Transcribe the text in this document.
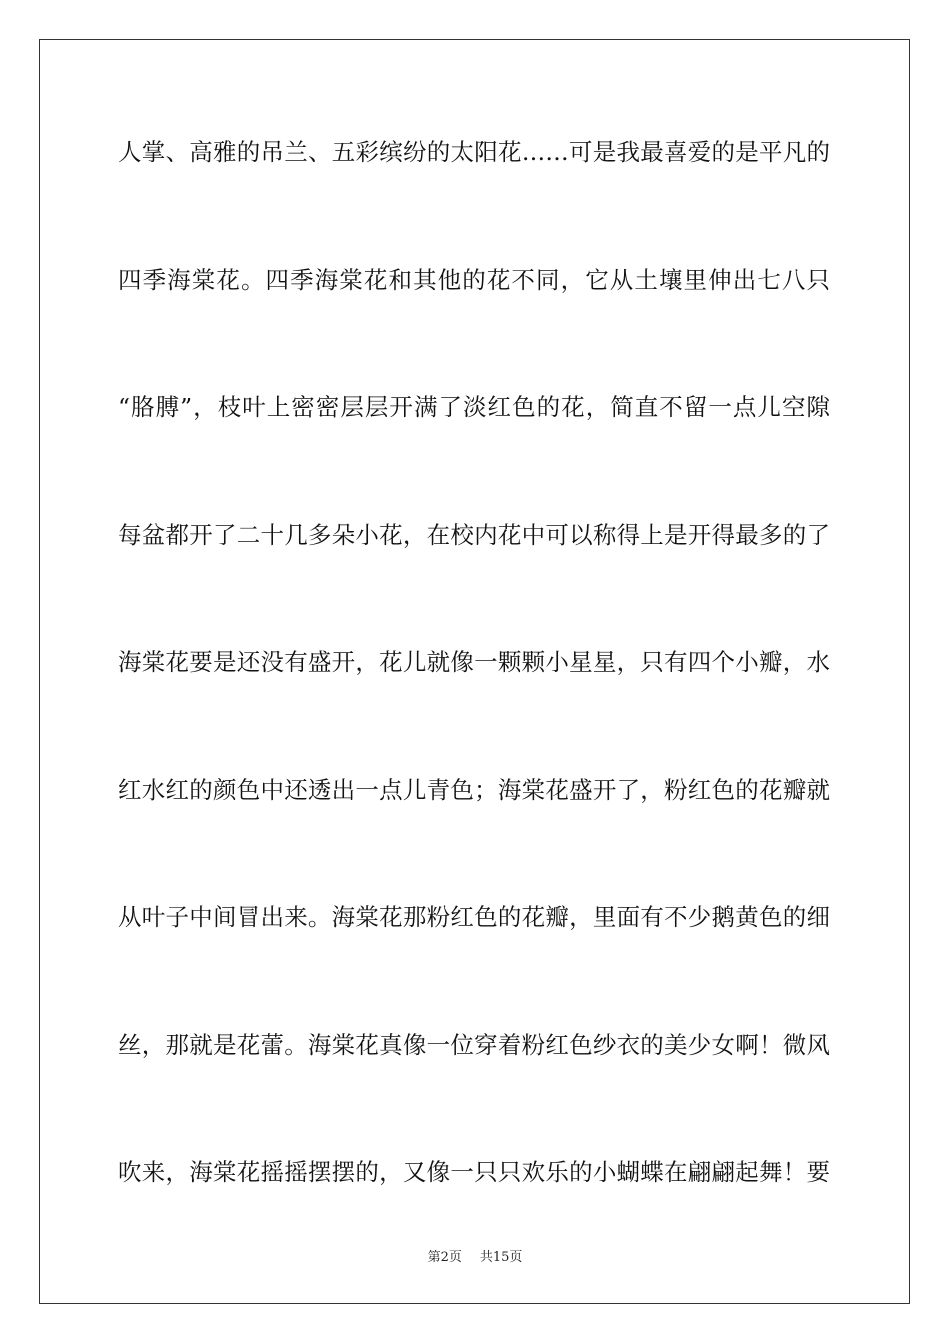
人掌、高雅的吊兰、五彩缤纷的太阳花……可是我最喜爱的是平凡的
四季海棠花。四季海棠花和其他的花不同，它从土壤里伸出七八只
“胳膊”，枝叶上密密层层开满了淡红色的花，简直不留一点儿空隙
每盆都开了二十几多朵小花，在校内花中可以称得上是开得最多的了
海棠花要是还没有盛开，花儿就像一颗颗小星星，只有四个小瓣，水
红水红的颜色中还透出一点儿青色；海棠花盛开了，粉红色的花瓣就
从叶子中间冒出来。海棠花那粉红色的花瓣，里面有不少鹅黄色的细
丝，那就是花蕾。海棠花真像一位穿着粉红色纱衣的美少女啊！微风
吹来，海棠花摇摇摆摆的，又像一只只欢乐的小蝴蝶在翩翩起舞！要
第2页 共15页
